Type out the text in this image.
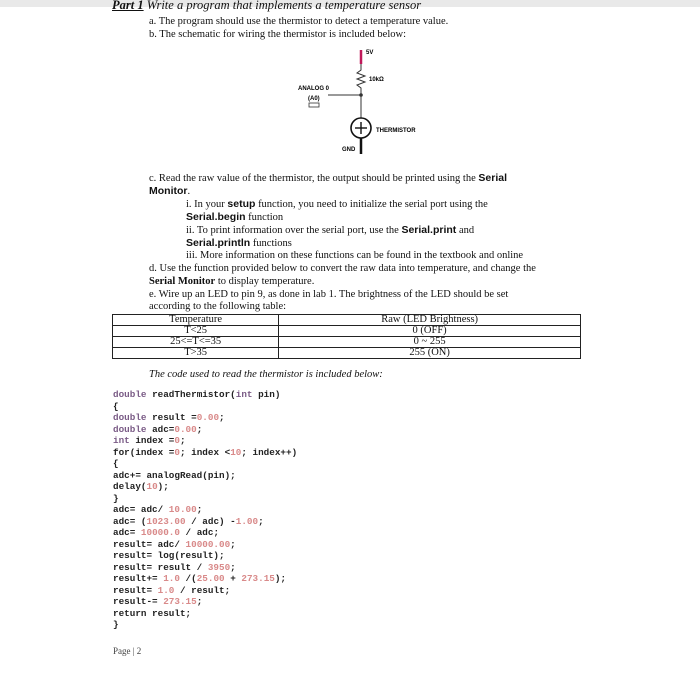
Part 1 Write a program that implements a temperature sensor
a. The program should use the thermistor to detect a temperature value.
b. The schematic for wiring the thermistor is included below:
5V
10kΩ
ANALOG 0
(A0)
THERMISTOR
GND
c. Read the raw value of the thermistor, the output should be printed using the Serial
Monitor.
i. In your setup function, you need to initialize the serial port using the
Serial.begin function
ii. To print information over the serial port, use the Serial.print and
Serial.println functions
iii. More information on these functions can be found in the textbook and online
d. Use the function provided below to convert the raw data into temperature, and change the
Serial Monitor to display temperature.
e. Wire up an LED to pin 9, as done in lab 1. The brightness of the LED should be set
according to the following table:
Temperature	Raw (LED Brightness)
T<25	0 (OFF)
25<=T<=35	0 ~ 255
T>35	255 (ON)
The code used to read the thermistor is included below:
double readThermistor(int pin)
{
double result =0.00;
double adc=0.00;
int index =0;
for(index =0; index <10; index++)
{
adc+= analogRead(pin);
delay(10);
}
adc= adc/ 10.00;
adc= (1023.00 / adc) -1.00;
adc= 10000.0 / adc;
result= adc/ 10000.00;
result= log(result);
result= result / 3950;
result+= 1.0 /(25.00 + 273.15);
result= 1.0 / result;
result-= 273.15;
return result;
}
Page | 2
